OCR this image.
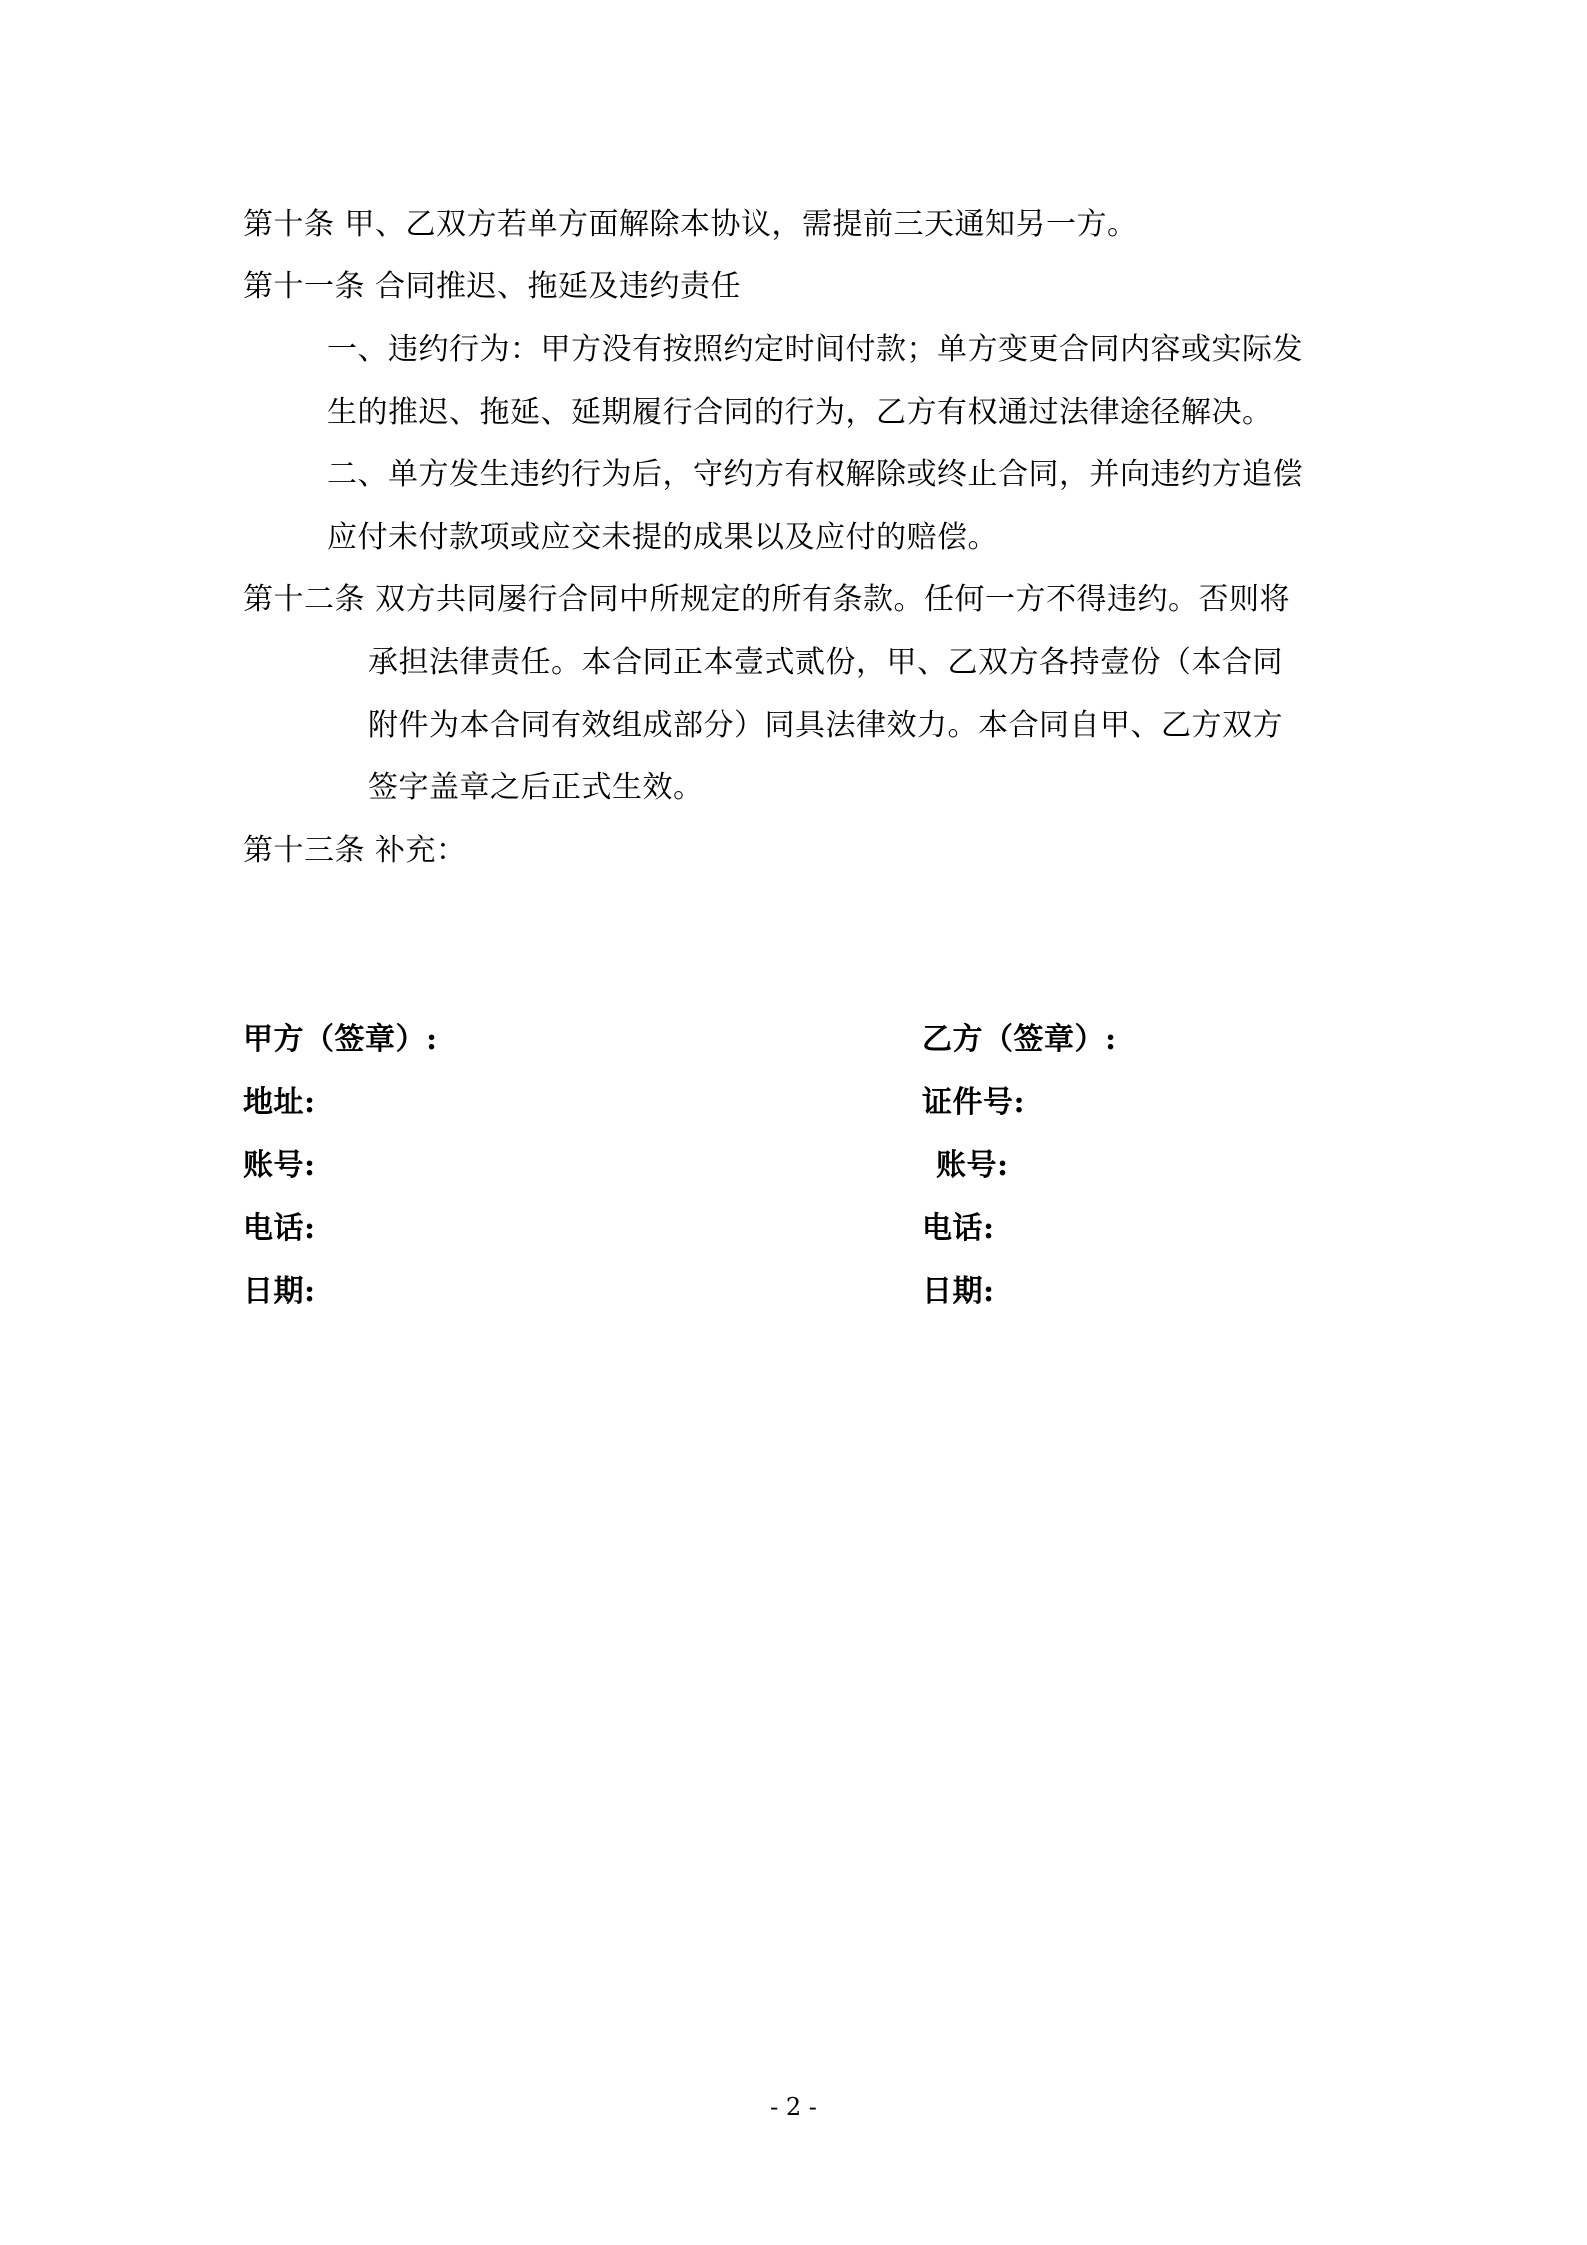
第十条 甲、乙双方若单方面解除本协议，需提前三天通知另一方。
第十一条 合同推迟、拖延及违约责任
一、违约行为：甲方没有按照约定时间付款；单方变更合同内容或实际发
生的推迟、拖延、延期履行合同的行为，乙方有权通过法律途径解决。
二、单方发生违约行为后，守约方有权解除或终止合同，并向违约方追偿
应付未付款项或应交未提的成果以及应付的赔偿。
第十二条 双方共同屡行合同中所规定的所有条款。任何一方不得违约。否则将
承担法律责任。本合同正本壹式贰份，甲、乙双方各持壹份（本合同
附件为本合同有效组成部分）同具法律效力。本合同自甲、乙方双方
签字盖章之后正式生效。
第十三条 补充：
甲方（签章）:
地址:
账号:
电话:
日期:
乙方（签章）:
证件号:
账号:
电话:
日期:
- 2 -
